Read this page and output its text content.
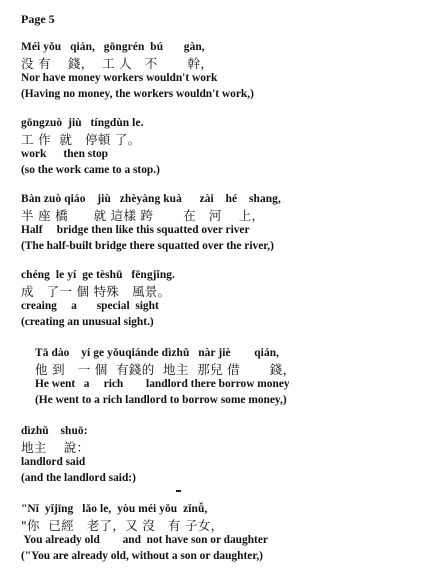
Page 5
Méi yǒu   qián,   gōngrén  bú       gàn,
没 有    錢，  工 人   不       幹，
Nor have money workers wouldn't work
(Having no money, the workers wouldn't work,)
gōngzuò  jiù   tíngdùn le.
工 作  就   停頓 了。
work      then stop
(so the work came to a stop.)
Bàn zuò qiáo    jiù   zhèyàng kuà      zài    hé    shang,
半 座 橋      就 這樣 跨       在   河    上，
Half     bridge then like this squatted over river
(The half-built bridge there squatted over the river,)
chéng  le yí  ge tèshū   fēngjǐng.
成   了一 個 特殊   風景。
creaing     a       special  sight
(creating an unusual sight.)
Tā dào    yí ge yǒuqiánde dìzhǔ   nàr jiè        qián,
他 到   一 個  有錢的  地主  那兒 借       錢，
He went   a     rich        landlord there borrow money
(He went to a rich landlord to borrow some money,)
dìzhǔ    shuō:
地主    說：
landlord said
(and the landlord said:)
"Nǐ  yǐjīng   lǎo le,  yòu méi yǒu  zǐnǚ,
"你  已經   老了，又 沒   有 子女，
You already old        and  not have son or daughter
("You are already old, without a son or daughter,)
